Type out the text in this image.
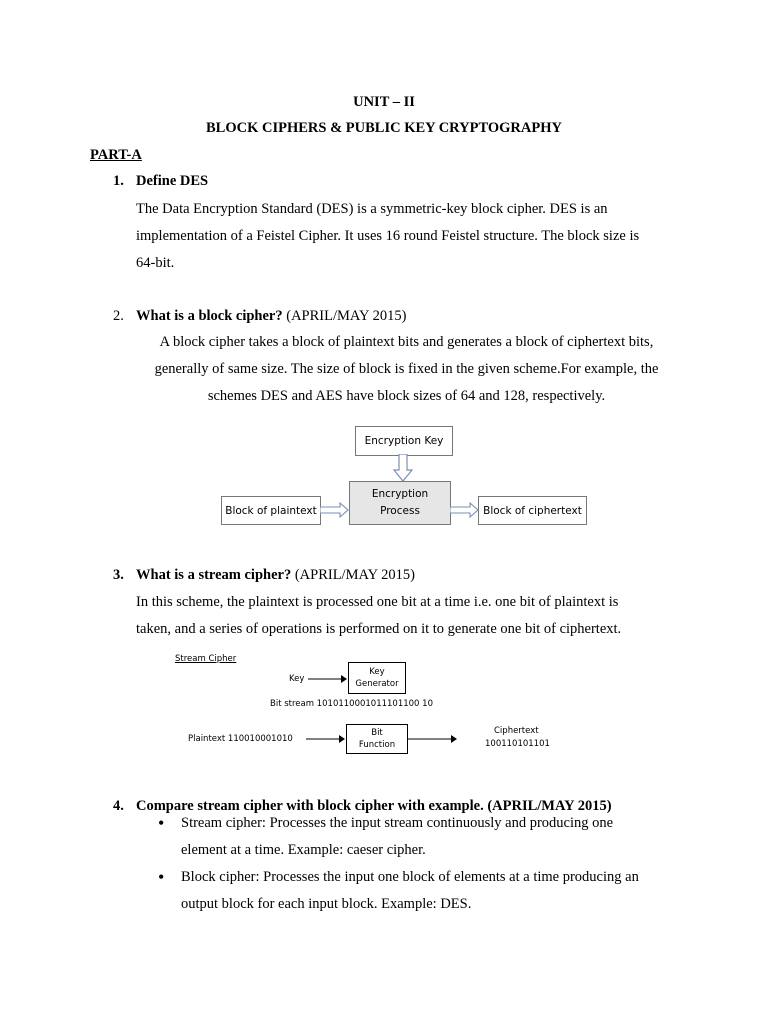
UNIT – II
BLOCK CIPHERS & PUBLIC KEY CRYPTOGRAPHY
PART-A
1. Define DES
The Data Encryption Standard (DES) is a symmetric-key block cipher. DES is an
implementation of a Feistel Cipher. It uses 16 round Feistel structure. The block size is
64-bit.
2. What is a block cipher? (APRIL/MAY 2015)
A block cipher takes a block of plaintext bits and generates a block of ciphertext bits,
generally of same size. The size of block is fixed in the given scheme.For example, the
schemes DES and AES have block sizes of 64 and 128, respectively.
Encryption Key
Encryption
Process
Block of plaintext	Block of ciphertext
3. What is a stream cipher? (APRIL/MAY 2015)
In this scheme, the plaintext is processed one bit at a time i.e. one bit of plaintext is
taken, and a series of operations is performed on it to generate one bit of ciphertext.
Stream Cipher
Key
Key
Generator
Bit stream 1010110001011101100 10
Plaintext 110010001010
Bit
Function
Ciphertext
100110101101
4. Compare stream cipher with block cipher with example. (APRIL/MAY 2015)
• Stream cipher: Processes the input stream continuously and producing one
element at a time. Example: caeser cipher.
• Block cipher: Processes the input one block of elements at a time producing an
output block for each input block. Example: DES.
